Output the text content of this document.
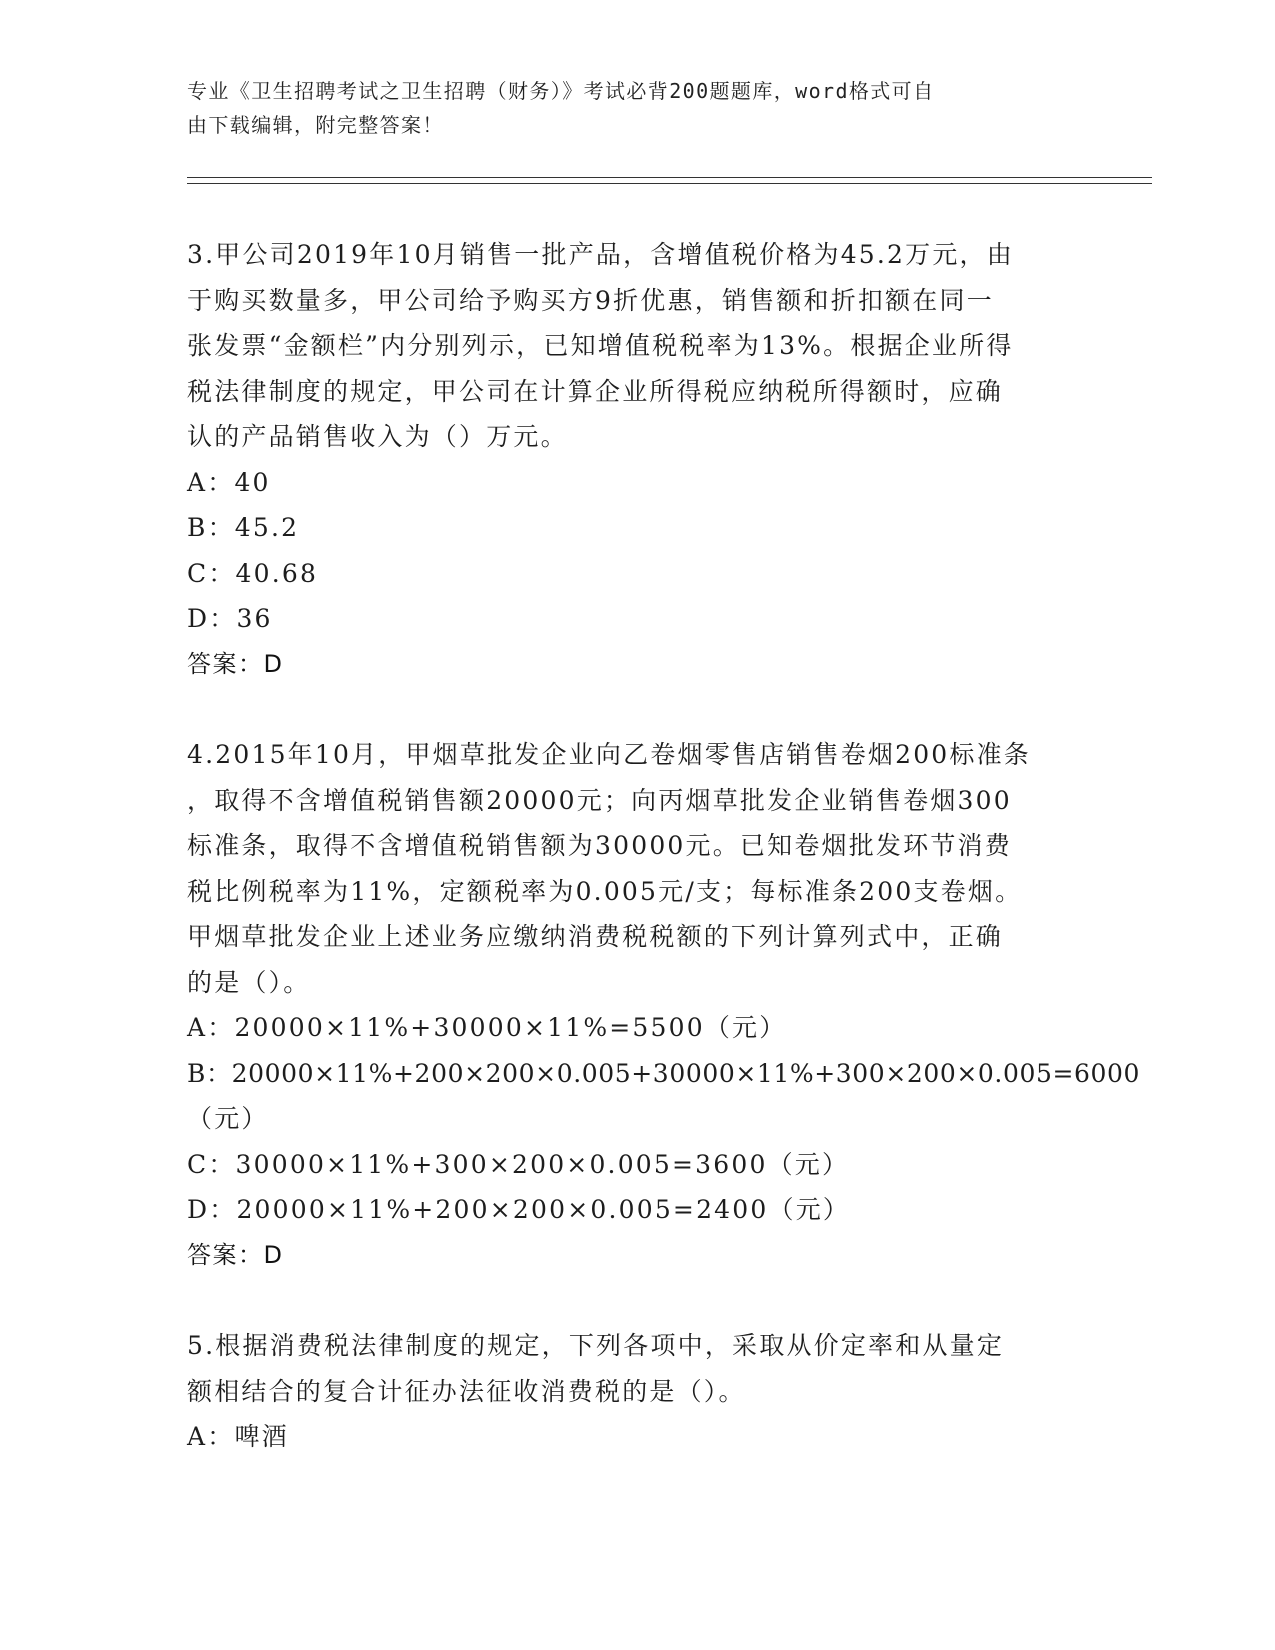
专业《卫生招聘考试之卫生招聘（财务）》考试必背200题题库，word格式可自
由下载编辑，附完整答案！
3.甲公司2019年10月销售一批产品，含增值税价格为45.2万元，由
于购买数量多，甲公司给予购买方9折优惠，销售额和折扣额在同一
张发票“金额栏”内分别列示，已知增值税税率为13%。根据企业所得
税法律制度的规定，甲公司在计算企业所得税应纳税所得额时，应确
认的产品销售收入为（）万元。
A：40
B：45.2
C：40.68
D：36
答案：D
4.2015年10月，甲烟草批发企业向乙卷烟零售店销售卷烟200标准条
，取得不含增值税销售额20000元；向丙烟草批发企业销售卷烟300
标准条，取得不含增值税销售额为30000元。已知卷烟批发环节消费
税比例税率为11%，定额税率为0.005元/支；每标准条200支卷烟。
甲烟草批发企业上述业务应缴纳消费税税额的下列计算列式中，正确
的是（）。
A：20000×11%+30000×11%=5500（元）
B：20000×11%+200×200×0.005+30000×11%+300×200×0.005=6000
（元）
C：30000×11%+300×200×0.005=3600（元）
D：20000×11%+200×200×0.005=2400（元）
答案：D
5.根据消费税法律制度的规定，下列各项中，采取从价定率和从量定
额相结合的复合计征办法征收消费税的是（）。
A：啤酒
